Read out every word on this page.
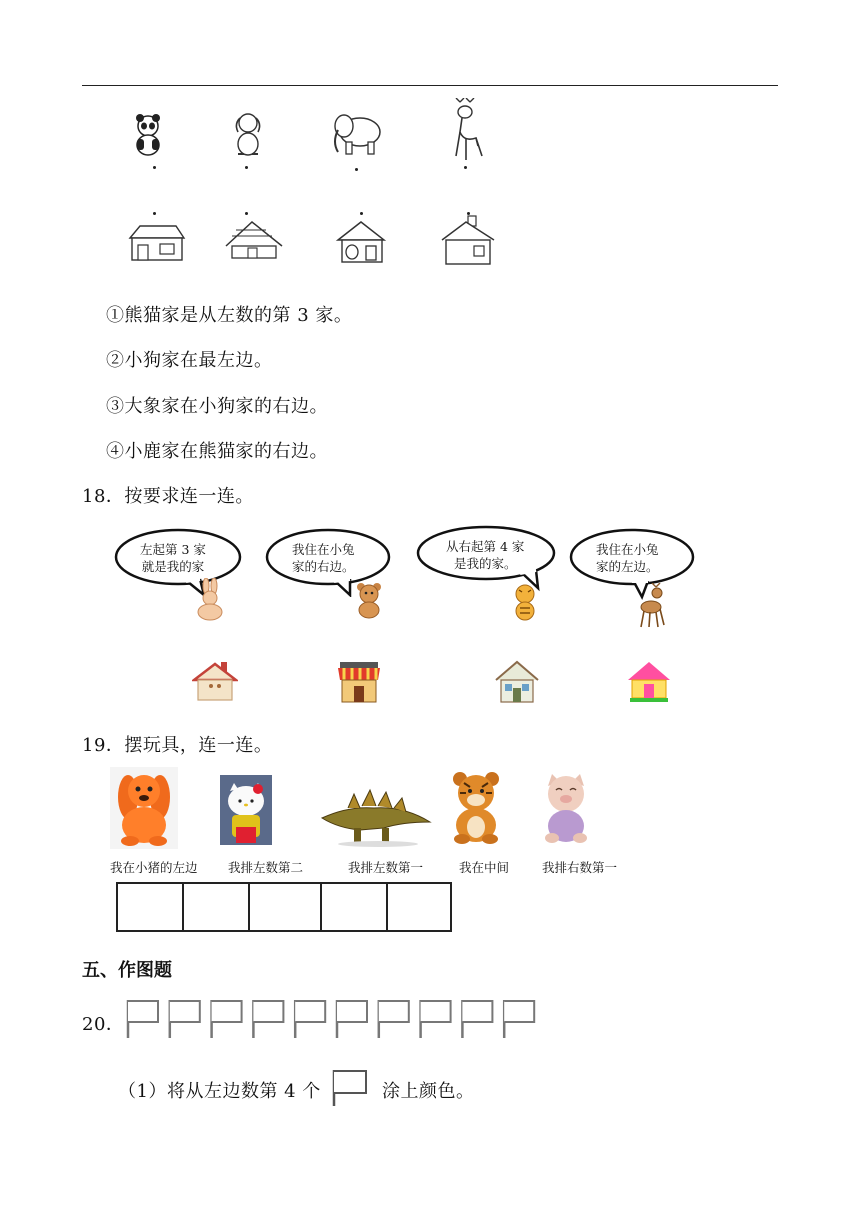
①熊猫家是从左数的第 3 家。
②小狗家在最左边。
③大象家在小狗家的右边。
④小鹿家在熊猫家的右边。
18．按要求连一连。
左起第 3 家
就是我的家
我住在小兔
家的右边。
从右起第 4 家
是我的家。
我住在小兔
家的左边。
19．摆玩具，连一连。
我在小猪的左边 我排左数第二	我排左数第一	我在中间	我排右数第一
五、作图题
20．
（1）将从左边数第 4 个	涂上颜色。
